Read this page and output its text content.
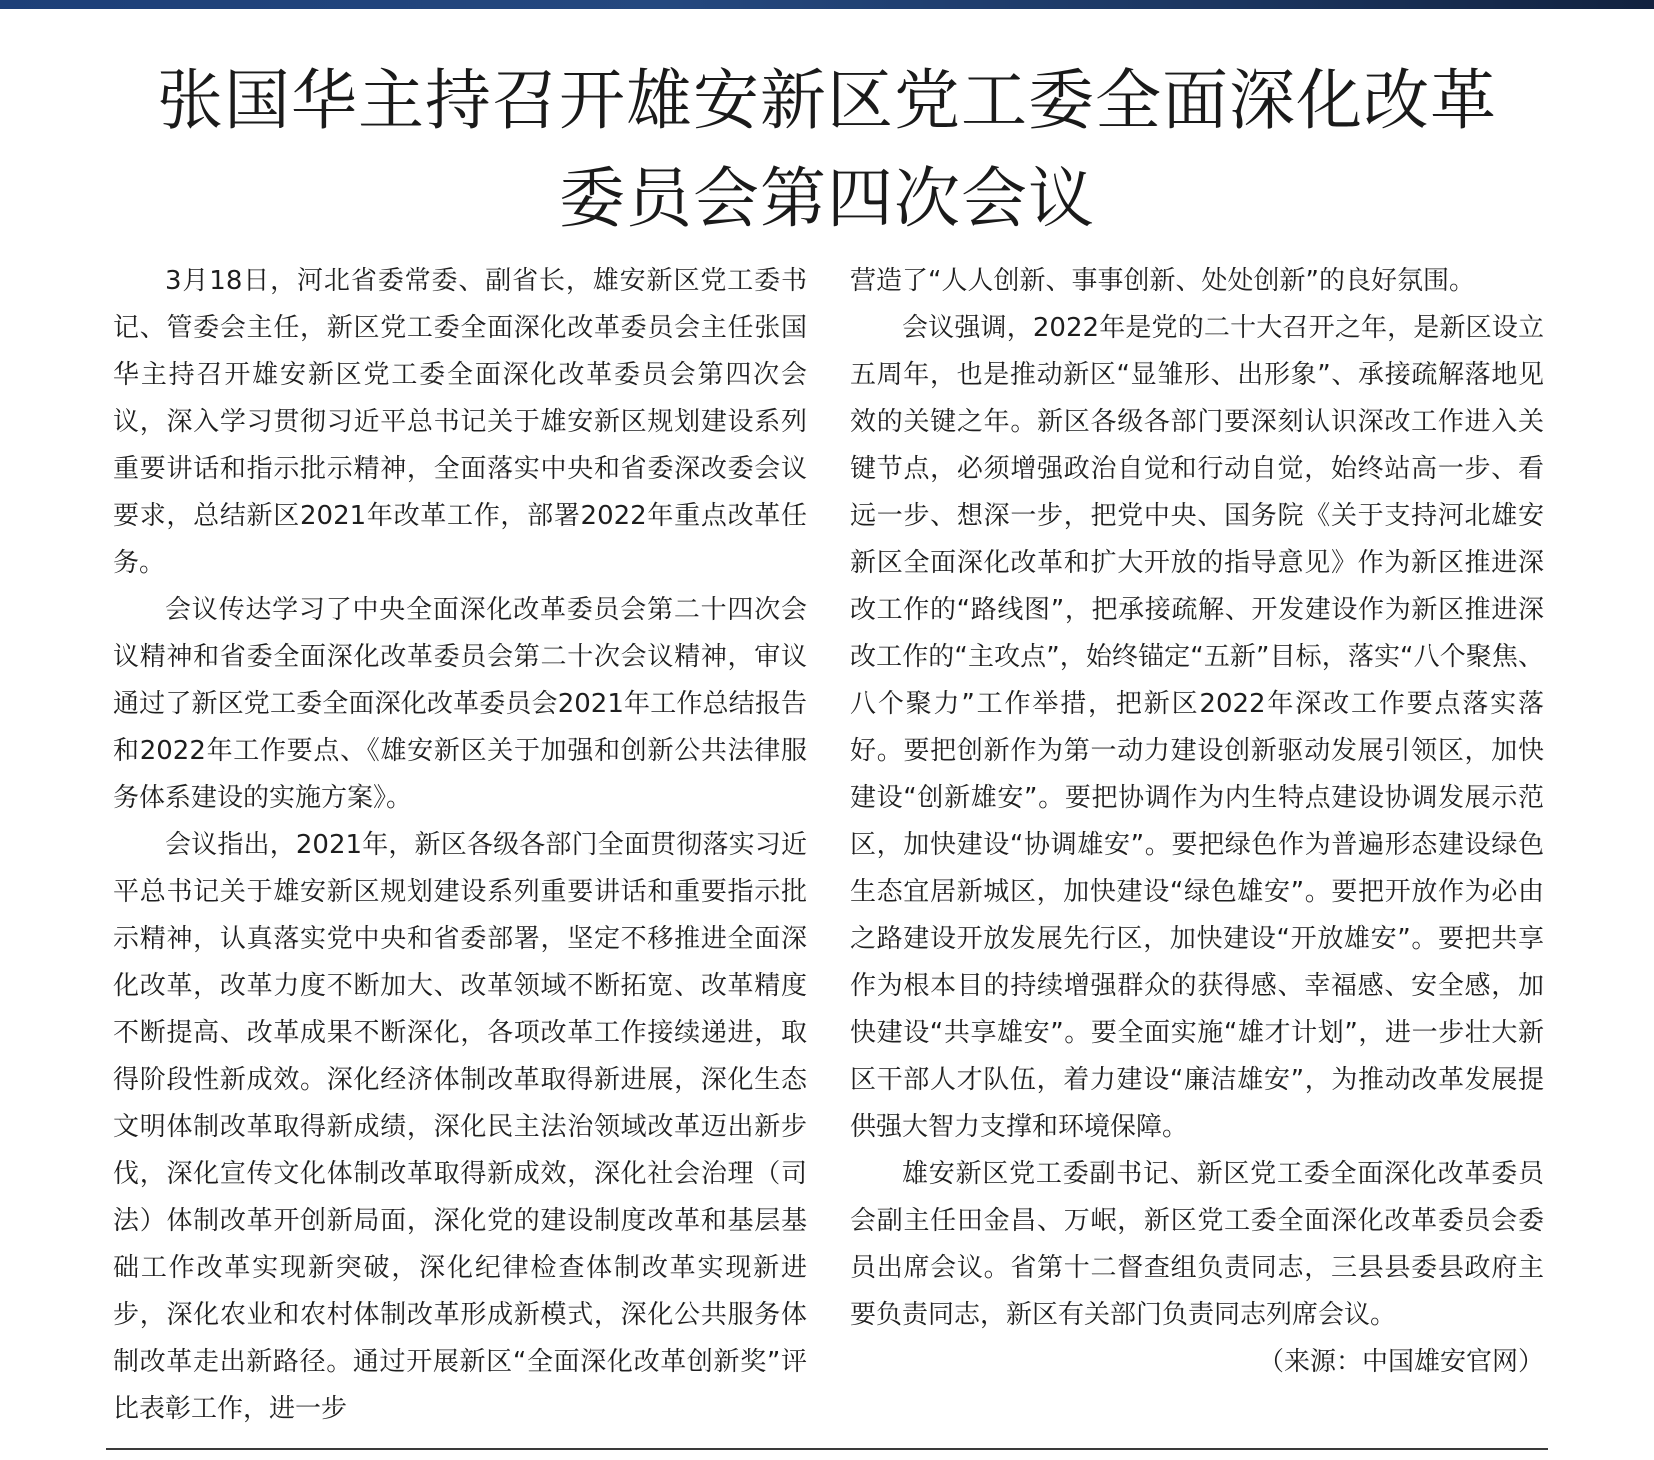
张国华主持召开雄安新区党工委全面深化改革
委员会第四次会议

3月18日，河北省委常委、副省长，雄安新区党工委书记、管委会主任，新区党工委全面深化改革委员会主任张国华主持召开雄安新区党工委全面深化改革委员会第四次会议，深入学习贯彻习近平总书记关于雄安新区规划建设系列重要讲话和指示批示精神，全面落实中央和省委深改委会议要求，总结新区2021年改革工作，部署2022年重点改革任务。

会议传达学习了中央全面深化改革委员会第二十四次会议精神和省委全面深化改革委员会第二十次会议精神，审议通过了新区党工委全面深化改革委员会2021年工作总结报告和2022年工作要点、《雄安新区关于加强和创新公共法律服务体系建设的实施方案》。

会议指出，2021年，新区各级各部门全面贯彻落实习近平总书记关于雄安新区规划建设系列重要讲话和重要指示批示精神，认真落实党中央和省委部署，坚定不移推进全面深化改革，改革力度不断加大、改革领域不断拓宽、改革精度不断提高、改革成果不断深化，各项改革工作接续递进，取得阶段性新成效。深化经济体制改革取得新进展，深化生态文明体制改革取得新成绩，深化民主法治领域改革迈出新步伐，深化宣传文化体制改革取得新成效，深化社会治理（司法）体制改革开创新局面，深化党的建设制度改革和基层基础工作改革实现新突破，深化纪律检查体制改革实现新进步，深化农业和农村体制改革形成新模式，深化公共服务体制改革走出新路径。通过开展新区“全面深化改革创新奖”评比表彰工作，进一步

营造了“人人创新、事事创新、处处创新”的良好氛围。

会议强调，2022年是党的二十大召开之年，是新区设立五周年，也是推动新区“显雏形、出形象”、承接疏解落地见效的关键之年。新区各级各部门要深刻认识深改工作进入关键节点，必须增强政治自觉和行动自觉，始终站高一步、看远一步、想深一步，把党中央、国务院《关于支持河北雄安新区全面深化改革和扩大开放的指导意见》作为新区推进深改工作的“路线图”，把承接疏解、开发建设作为新区推进深改工作的“主攻点”，始终锚定“五新”目标，落实“八个聚焦、八个聚力”工作举措，把新区2022年深改工作要点落实落好。要把创新作为第一动力建设创新驱动发展引领区，加快建设“创新雄安”。要把协调作为内生特点建设协调发展示范区，加快建设“协调雄安”。要把绿色作为普遍形态建设绿色生态宜居新城区，加快建设“绿色雄安”。要把开放作为必由之路建设开放发展先行区，加快建设“开放雄安”。要把共享作为根本目的持续增强群众的获得感、幸福感、安全感，加快建设“共享雄安”。要全面实施“雄才计划”，进一步壮大新区干部人才队伍，着力建设“廉洁雄安”，为推动改革发展提供强大智力支撑和环境保障。

雄安新区党工委副书记、新区党工委全面深化改革委员会副主任田金昌、万岷，新区党工委全面深化改革委员会委员出席会议。省第十二督查组负责同志，三县县委县政府主要负责同志，新区有关部门负责同志列席会议。
（来源：中国雄安官网）
